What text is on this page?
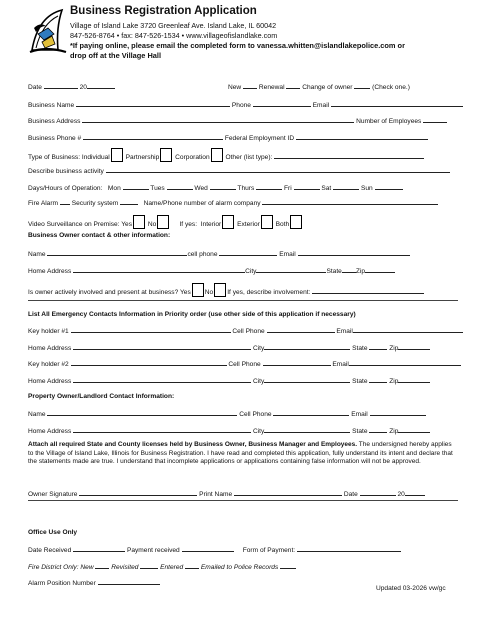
Business Registration Application
Village of Island Lake 3720 Greenleaf Ave. Island Lake, IL 60042
847-526-8764 • fax: 847-526-1534 • www.villageofislandlake.com
*If paying online, please email the completed form to vanessa.whitten@islandlakepolice.com or
drop off at the Village Hall
Date	20	New	Renewal	Change of owner	(Check one.)
Business Name	Phone	Email
Business Address	Number of Employees
Business Phone #	Federal Employment ID
Type of Business: Individual Partnership Corporation Other (list type):
Describe business activity
Days/Hours of Operation: Mon	Tues	Wed	Thurs	Fri	Sat	Sun
Fire Alarm Security system	Name/Phone number of alarm company
Video Surveillance on Premise: Yes No	If yes: Interior Exterior Both
Business Owner contact & other information:
Name	cell phone	Email
Home Address	City	State Zip
Is owner actively involved and present at business? Yes No If yes, describe involvement:
List All Emergency Contacts Information in Priority order (use other side of this application if necessary)
Key holder #1	Cell Phone	Email
Home Address	City	State	Zip
Key holder #2	Cell Phone	Email
Home Address	City	State	Zip
Property Owner/Landlord Contact Information:
Name	Cell Phone	Email
Home Address	City	State	Zip
Attach all required State and County licenses held by Business Owner, Business Manager and Employees. The undersigned hereby applies to the Village of Island Lake, Illinois for Business Registration. I have read and completed this application, fully understand its intent and declare that the statements made are true. I understand that incomplete applications or applications containing false information will not be approved.
Owner Signature	Print Name	Date	20
Office Use Only
Date Received	Payment received	Form of Payment:
Fire District Only: New	Revisited	Entered	Emailed to Police Records
Alarm Position Number
Updated 03-2026 vw/gc
